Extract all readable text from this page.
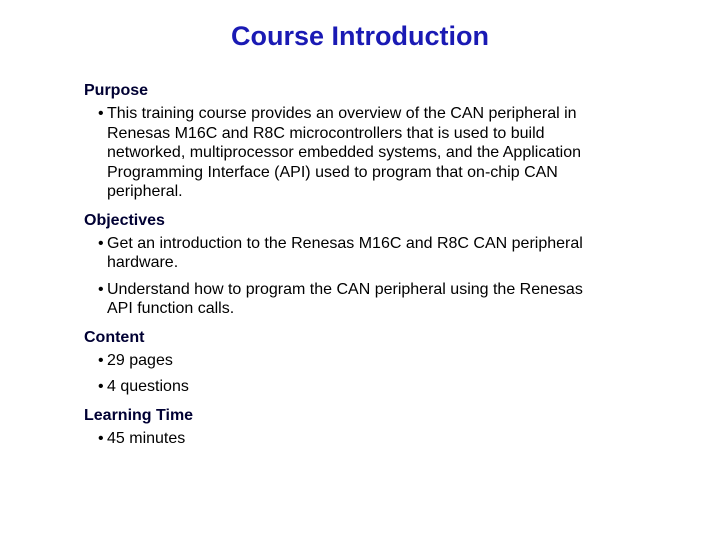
Course Introduction
Purpose
• This training course provides an overview of the CAN peripheral in Renesas M16C and R8C microcontrollers that is used to build networked, multiprocessor embedded systems, and the Application Programming Interface (API) used to program that on-chip CAN peripheral.
Objectives
• Get an introduction to the Renesas M16C and R8C CAN peripheral hardware.
• Understand how to program the CAN peripheral using the Renesas API function calls.
Content
• 29 pages
• 4 questions
Learning Time
• 45 minutes
